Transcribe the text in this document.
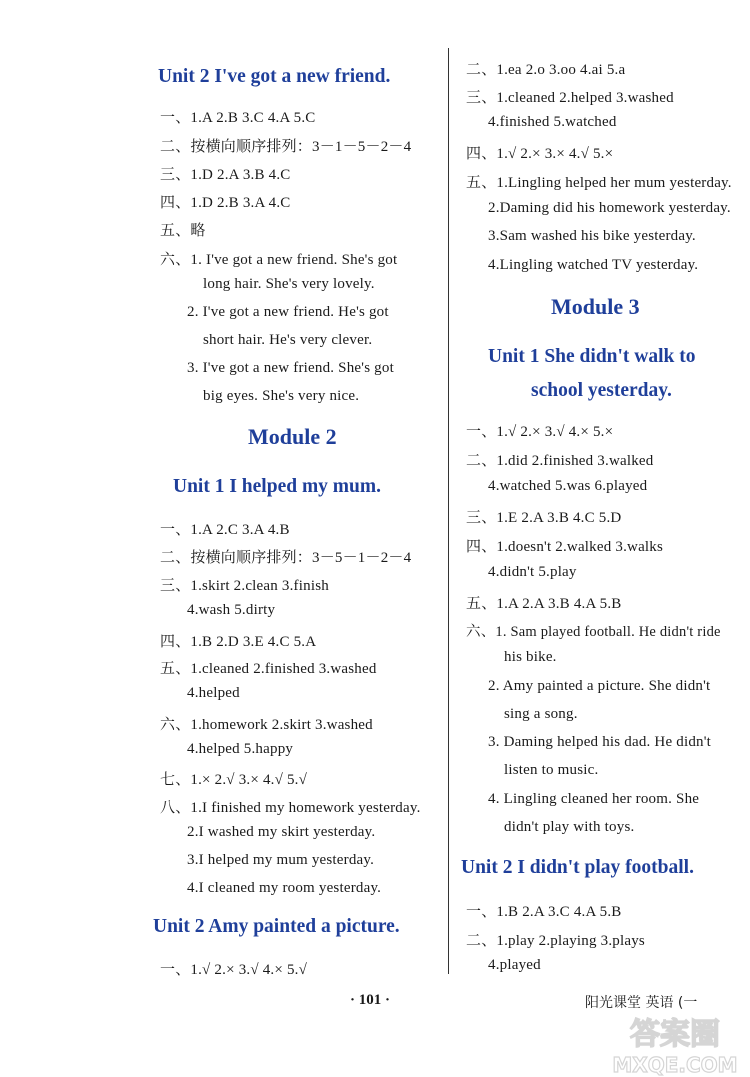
Unit 2 I've got a new friend.
一、1.A 2.B 3.C 4.A 5.C
二、按横向顺序排列：3－1－5－2－4
三、1.D 2.A 3.B 4.C
四、1.D 2.B 3.A 4.C
五、略
六、1. I've got a new friend. She's got
long hair. She's very lovely.
2. I've got a new friend. He's got
short hair. He's very clever.
3. I've got a new friend. She's got
big eyes. She's very nice.
Module 2
Unit 1 I helped my mum.
一、1.A 2.C 3.A 4.B
二、按横向顺序排列：3－5－1－2－4
三、1.skirt 2.clean 3.finish
4.wash 5.dirty
四、1.B 2.D 3.E 4.C 5.A
五、1.cleaned 2.finished 3.washed
4.helped
六、1.homework 2.skirt 3.washed
4.helped 5.happy
七、1.× 2.√ 3.× 4.√ 5.√
八、1.I finished my homework yesterday.
2.I washed my skirt yesterday.
3.I helped my mum yesterday.
4.I cleaned my room yesterday.
Unit 2 Amy painted a picture.
一、1.√ 2.× 3.√ 4.× 5.√
二、1.ea 2.o 3.oo 4.ai 5.a
三、1.cleaned 2.helped 3.washed
4.finished 5.watched
四、1.√ 2.× 3.× 4.√ 5.×
五、1.Lingling helped her mum yesterday.
2.Daming did his homework yesterday.
3.Sam washed his bike yesterday.
4.Lingling watched TV yesterday.
Module 3
Unit 1 She didn't walk to
school yesterday.
一、1.√ 2.× 3.√ 4.× 5.×
二、1.did 2.finished 3.walked
4.watched 5.was 6.played
三、1.E 2.A 3.B 4.C 5.D
四、1.doesn't 2.walked 3.walks
4.didn't 5.play
五、1.A 2.A 3.B 4.A 5.B
六、1. Sam played football. He didn't ride
his bike.
2. Amy painted a picture. She didn't
sing a song.
3. Daming helped his dad. He didn't
listen to music.
4. Lingling cleaned her room. She
didn't play with toys.
Unit 2 I didn't play football.
一、1.B 2.A 3.C 4.A 5.B
二、1.play 2.playing 3.plays
4.played
· 101 ·	阳光课堂 英语 (一
答案圈
MXQE.COM
